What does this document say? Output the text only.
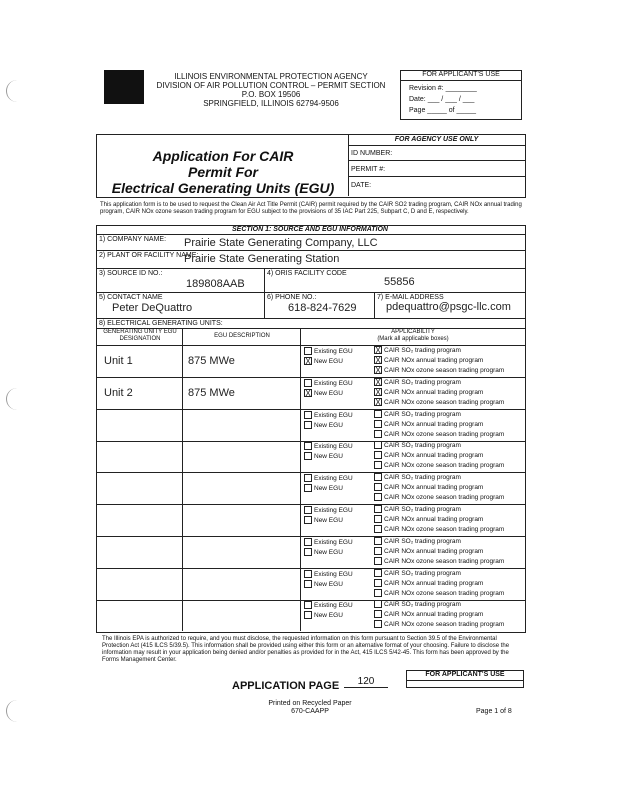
ILLINOIS ENVIRONMENTAL PROTECTION AGENCY
DIVISION OF AIR POLLUTION CONTROL – PERMIT SECTION
P.O. BOX 19506
SPRINGFIELD, ILLINOIS 62794-9506
FOR APPLICANT'S USE
Revision #: ________
Date: ___ / ___ / ___
Page _____ of _____
Application For CAIR
Permit For
Electrical Generating Units (EGU)
FOR AGENCY USE ONLY
ID NUMBER:
PERMIT #:
DATE:
This application form is to be used to request the Clean Air Act Title Permit (CAIR) permit required by the CAIR SO2 trading program, CAIR NOx annual trading program, CAIR NOx ozone season trading program for EGU subject to the provisions of 35 IAC Part 225, Subpart C, D and E, respectively.
SECTION 1: SOURCE AND EGU INFORMATION
1) COMPANY NAME: Prairie State Generating Company, LLC
2) PLANT OR FACILITY NAME:
Prairie State Generating Station
3) SOURCE ID NO.:
189808AAB
4) ORIS FACILITY CODE
55856
5) CONTACT NAME
Peter DeQuattro
6) PHONE NO.:
618-824-7629
7) E-MAIL ADDRESS
pdequattro@psgc-llc.com
8) ELECTRICAL GENERATING UNITS:
GENERATING UNITY EGU DESIGNATION	EGU DESCRIPTION
APPLICABILITY
(Mark all applicable boxes)
Unit 1	875 MWe
Existing EGU
X New EGU
X CAIR SO₂ trading program
X CAIR NOx annual trading program
X CAIR NOx ozone season trading program
Unit 2	875 MWe
Existing EGU
X New EGU
X CAIR SO₂ trading program
X CAIR NOx annual trading program
X CAIR NOx ozone season trading program
Existing EGU
New EGU
CAIR SO₂ trading program
CAIR NOx annual trading program
CAIR NOx ozone season trading program
Existing EGU
New EGU
CAIR SO₂ trading program
CAIR NOx annual trading program
CAIR NOx ozone season trading program
Existing EGU
New EGU
CAIR SO₂ trading program
CAIR NOx annual trading program
CAIR NOx ozone season trading program
Existing EGU
New EGU
CAIR SO₂ trading program
CAIR NOx annual trading program
CAIR NOx ozone season trading program
Existing EGU
New EGU
CAIR SO₂ trading program
CAIR NOx annual trading program
CAIR NOx ozone season trading program
Existing EGU
New EGU
CAIR SO₂ trading program
CAIR NOx annual trading program
CAIR NOx ozone season trading program
Existing EGU
New EGU
CAIR SO₂ trading program
CAIR NOx annual trading program
CAIR NOx ozone season trading program
The Illinois EPA is authorized to require, and you must disclose, the requested information on this form pursuant to Section 39.5 of the Environmental Protection Act (415 ILCS 5/39.5). This information shall be provided using either this form or an alternative format of your choosing. Failure to disclose the information may result in your application being denied and/or penalties as provided for in the Act, 415 ILCS 5/42-45. This form has been approved by the Forms Management Center.
APPLICATION PAGE	120
FOR APPLICANT'S USE
Printed on Recycled Paper
670-CAAPP	Page 1 of 8
